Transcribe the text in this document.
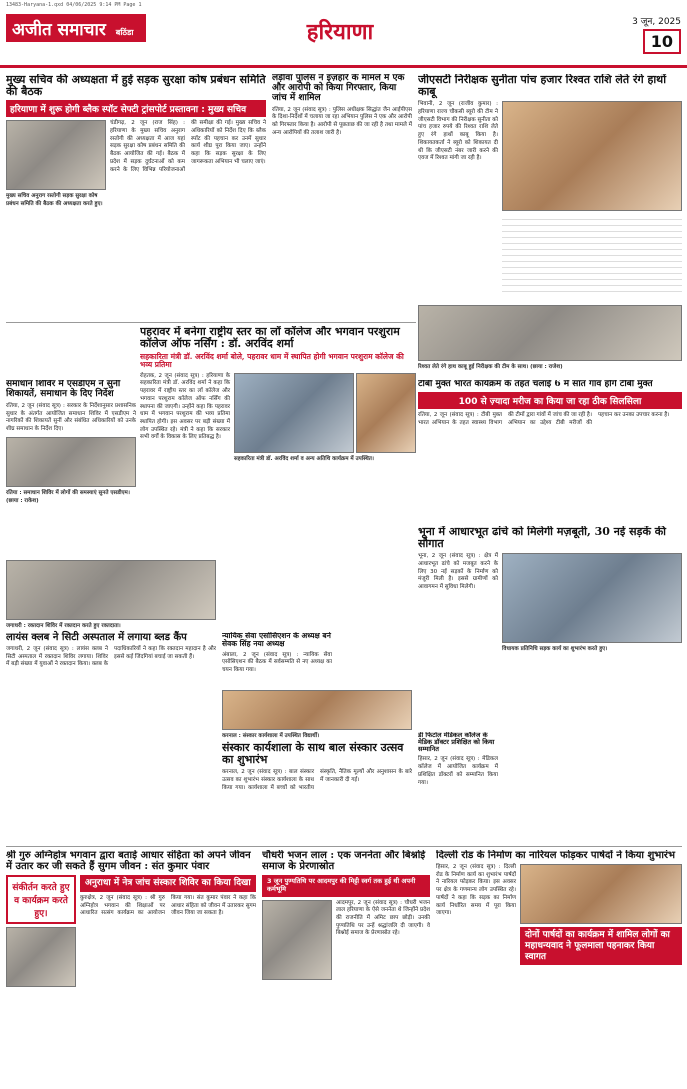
13483-Haryana-1.qxd 04/06/2025 9:14 PM Page 1
अजीत समाचार बठिंडा	हरियाणा	3 जून, 2025
10
मुख्य सचिव की अध्यक्षता में हुई सड़क सुरक्षा कोष प्रबंधन समिति की बैठक
हरियाणा में शुरू होगी ब्लैक स्पॉट सेफ्टी ट्रांसपोर्ट प्रस्तावना : मुख्य सचिव
मुख्य सचिव अनुराग रस्तोगी सड़क सुरक्षा कोष प्रबंधन समिति की बैठक की अध्यक्षता करते हुए।
चंडीगढ़, 2 जून (राज सिंह) : हरियाणा के मुख्य सचिव अनुराग रस्तोगी की अध्यक्षता में आज यहां सड़क सुरक्षा कोष प्रबंधन समिति की बैठक आयोजित की गई। बैठक में प्रदेश में सड़क दुर्घटनाओं को कम करने के लिए विभिन्न परियोजनाओं की समीक्षा की गई। मुख्य सचिव ने अधिकारियों को निर्देश दिए कि ब्लैक स्पॉट की पहचान कर उनमें सुधार कार्य शीघ्र पूरा किया जाए। उन्होंने कहा कि सड़क सुरक्षा के लिए जागरूकता अभियान भी चलाए जाएं।
लड़ीवा पुलिस ने इज़हारे के मामले में एक और आरोपी को किया गिरफ्तार, किया जांच में शामिल
रतिया, 2 जून (संवाद सूत्र) : पुलिस अधीक्षक सिद्धांत जैन आईपीएस के दिशा-निर्देशों में चलाया जा रहा अभियान पुलिस ने एक और आरोपी को गिरफ्तार किया है। आरोपी से पूछताछ की जा रही है तथा मामले में अन्य आरोपियों की तलाश जारी है।
जीएसटी निरीक्षक सुनीता पांच हजार रिश्वत राशि लेते रंगे हाथों काबू
भिवानी, 2 जून (राजीव कुमार) : हरियाणा राज्य चौकसी ब्यूरो की टीम ने जीएसटी विभाग की निरीक्षक सुनीता को पांच हजार रुपये की रिश्वत राशि लेते हुए रंगे हाथों काबू किया है। शिकायतकर्ता ने ब्यूरो को शिकायत दी थी कि जीएसटी नंबर जारी करने की एवज में रिश्वत मांगी जा रही है।
रिश्वत लेते रंगे हाथ काबू हुई निरीक्षक की टीम के साथ। (छाया : राजेश)
पहरावर में बनेगा राष्ट्रीय स्तर का लॉ कॉलेज और भगवान परशुराम कॉलेज ऑफ नर्सिंग : डॉ. अरविंद शर्मा
सहकारिता मंत्री डॉ. अरविंद शर्मा बोले, पहरावर धाम में स्थापित होगी भगवान परशुराम कॉलेज की भव्य प्रतिमा
रोहतक, 2 जून (संवाद सूत्र) : हरियाणा के सहकारिता मंत्री डॉ. अरविंद शर्मा ने कहा कि पहरावर में राष्ट्रीय स्तर का लॉ कॉलेज और भगवान परशुराम कॉलेज ऑफ नर्सिंग की स्थापना की जाएगी। उन्होंने कहा कि पहरावर धाम में भगवान परशुराम की भव्य प्रतिमा स्थापित होगी। इस अवसर पर बड़ी संख्या में लोग उपस्थित रहे। मंत्री ने कहा कि सरकार सभी वर्गों के विकास के लिए प्रतिबद्ध है।
सहकारिता मंत्री डॉ. अरविंद शर्मा व अन्य अतिथि कार्यक्रम में उपस्थित।
समाधान शिविर में एसडीएम ने सुनी शिकायतें, समाधान के दिए निर्देश
रतिया, 2 जून (संवाद सूत्र) : सरकार के निर्देशानुसार प्रशासनिक सुधार के अंतर्गत आयोजित समाधान शिविर में एसडीएम ने नागरिकों की शिकायतें सुनीं और संबंधित अधिकारियों को उनके शीघ्र समाधान के निर्देश दिए।
रतिया : समाधान शिविर में लोगों की समस्याएं सुनते एसडीएम। (छाया : राकेश)
जगाधरी : रक्तदान शिविर में रक्तदान करते हुए रक्तदाता।
लायंस क्लब ने सिटी अस्पताल में लगाया ब्लड कैंप
जगाधरी, 2 जून (संवाद सूत्र) : लायंस क्लब ने सिटी अस्पताल में रक्तदान शिविर लगाया। शिविर में बड़ी संख्या में युवाओं ने रक्तदान किया। क्लब के पदाधिकारियों ने कहा कि रक्तदान महादान है और इससे कई जिंदगियां बचाई जा सकती हैं।
न्यायिक सेवा एसोसिएशन के अध्यक्ष बने सेवक सिंह नया अध्यक्ष
अंबाला, 2 जून (संवाद सूत्र) : न्यायिक सेवा एसोसिएशन की बैठक में सर्वसम्मति से नए अध्यक्ष का चयन किया गया।
टीबी मुक्त भारत कार्यक्रम के तहत चलाई 6 में सात गांव होंगे टीबी मुक्त
100 से ज़्यादा मरीज का किया जा रहा ठीक सिलसिला
रतिया, 2 जून (संवाद सूत्र) : टीबी मुक्त भारत अभियान के तहत स्वास्थ्य विभाग की टीमों द्वारा गांवों में जांच की जा रही है। अभियान का उद्देश्य टीबी मरीजों की पहचान कर उनका उपचार करना है।
भूना में आधारभूत ढांचे को मिलेगी मज़बूती, 30 नई सड़कें की सौगात
भूना, 2 जून (संवाद सूत्र) : क्षेत्र में आधारभूत ढांचे को मजबूत करने के लिए 30 नई सड़कों के निर्माण को मंजूरी मिली है। इससे ग्रामीणों को आवागमन में सुविधा मिलेगी।
विधायक प्रतिनिधि सड़क कार्य का शुभारंभ करते हुए।
करनाल : संस्कार कार्यशाला में उपस्थित विद्यार्थी।
संस्कार कार्यशाला के साथ बाल संस्कार उत्सव का शुभारंभ
करनाल, 2 जून (संवाद सूत्र) : बाल संस्कार उत्सव का शुभारंभ संस्कार कार्यशाला के साथ किया गया। कार्यशाला में बच्चों को भारतीय संस्कृति, नैतिक मूल्यों और अनुशासन के बारे में जानकारी दी गई।
डी फिटोल मेडिकल कॉलेज के मेडिक डॉक्टर प्रशिक्षित को किया सम्मानित
हिसार, 2 जून (संवाद सूत्र) : मेडिकल कॉलेज में आयोजित कार्यक्रम में प्रशिक्षित डॉक्टरों को सम्मानित किया गया।
श्री गुरु अग्निहोत्र भगवान द्वारा बताई आधार संहिता को अपने जीवन में उतार कर जी सकते हैं सुगम जीवन : संत कुमार पंवार
संकीर्तन करते हुए व कार्यक्रम करते हुए।
अनुराधा में नेत्र जांच संस्कार शिविर का किया दिखा
कुरुक्षेत्र, 2 जून (संवाद सूत्र) : श्री गुरु अग्निहोत्र भगवान की शिक्षाओं पर आधारित सत्संग कार्यक्रम का आयोजन किया गया। संत कुमार पंवार ने कहा कि आधार संहिता को जीवन में उतारकर सुगम जीवन जिया जा सकता है।
चौधरी भजन लाल : एक जननेता और बिश्नोई समाज के प्रेरणास्रोत
3 जून पुण्यतिथि पर आदमपुर की मिट्टी स्वर्ग तक हुई थी अपनी कर्मभूमि
आदमपुर, 2 जून (संवाद सूत्र) : चौधरी भजन लाल हरियाणा के ऐसे जननेता थे जिन्होंने प्रदेश की राजनीति में अमिट छाप छोड़ी। उनकी पुण्यतिथि पर उन्हें श्रद्धांजलि दी जाएगी। वे बिश्नोई समाज के प्रेरणास्रोत रहे।
दिल्ली रोड के निर्माण का नारियल फोड़कर पार्षदों ने किया शुभारंभ
हिसार, 2 जून (संवाद सूत्र) : दिल्ली रोड के निर्माण कार्य का शुभारंभ पार्षदों ने नारियल फोड़कर किया। इस अवसर पर क्षेत्र के गणमान्य लोग उपस्थित रहे। पार्षदों ने कहा कि सड़क का निर्माण कार्य निर्धारित समय में पूरा किया जाएगा।
दोनों पार्षदों का कार्यक्रम में शामिल लोगों का महाधन्यवाद ने फूलमाला पहनाकर किया स्वागत
